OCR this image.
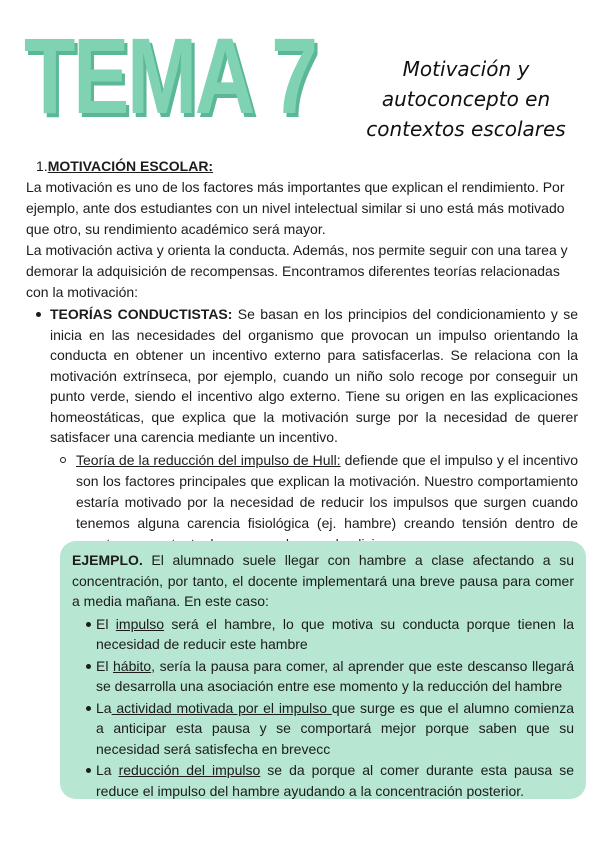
TEMA 7	Motivación y
autoconcepto en
contextos escolares
1.MOTIVACIÓN ESCOLAR:

La motivación es uno de los factores más importantes que explican el rendimiento. Por ejemplo, ante dos estudiantes con un nivel intelectual similar si uno está más motivado que otro, su rendimiento académico será mayor.

La motivación activa y orienta la conducta. Además, nos permite seguir con una tarea y demorar la adquisición de recompensas. Encontramos diferentes teorías relacionadas con la motivación:

TEORÍAS CONDUCTISTAS: Se basan en los principios del condicionamiento y se inicia en las necesidades del organismo que provocan un impulso orientando la conducta en obtener un incentivo externo para satisfacerlas. Se relaciona con la motivación extrínseca, por ejemplo, cuando un niño solo recoge por conseguir un punto verde, siendo el incentivo algo externo. Tiene su origen en las explicaciones homeostáticas, que explica que la motivación surge por la necesidad de querer satisfacer una carencia mediante un incentivo.

Teoría de la reducción del impulso de Hull: defiende que el impulso y el incentivo son los factores principales que explican la motivación. Nuestro comportamiento estaría motivado por la necesidad de reducir los impulsos que surgen cuando tenemos alguna carencia fisiológica (ej. hambre) creando tensión dentro de

EJEMPLO. El alumnado suele llegar con hambre a clase afectando a su concentración, por tanto, el docente implementará una breve pausa para comer a media mañana. En este caso:

El impulso será el hambre, lo que motiva su conducta porque tienen la necesidad de reducir este hambre

El hábito, sería la pausa para comer, al aprender que este descanso llegará se desarrolla una asociación entre ese momento y la reducción del hambre

La actividad motivada por el impulso que surge es que el alumno comienza a anticipar esta pausa y se comportará mejor porque saben que su necesidad será satisfecha en brevecc

La reducción del impulso se da porque al comer durante esta pausa se reduce el impulso del hambre ayudando a la concentración posterior.
